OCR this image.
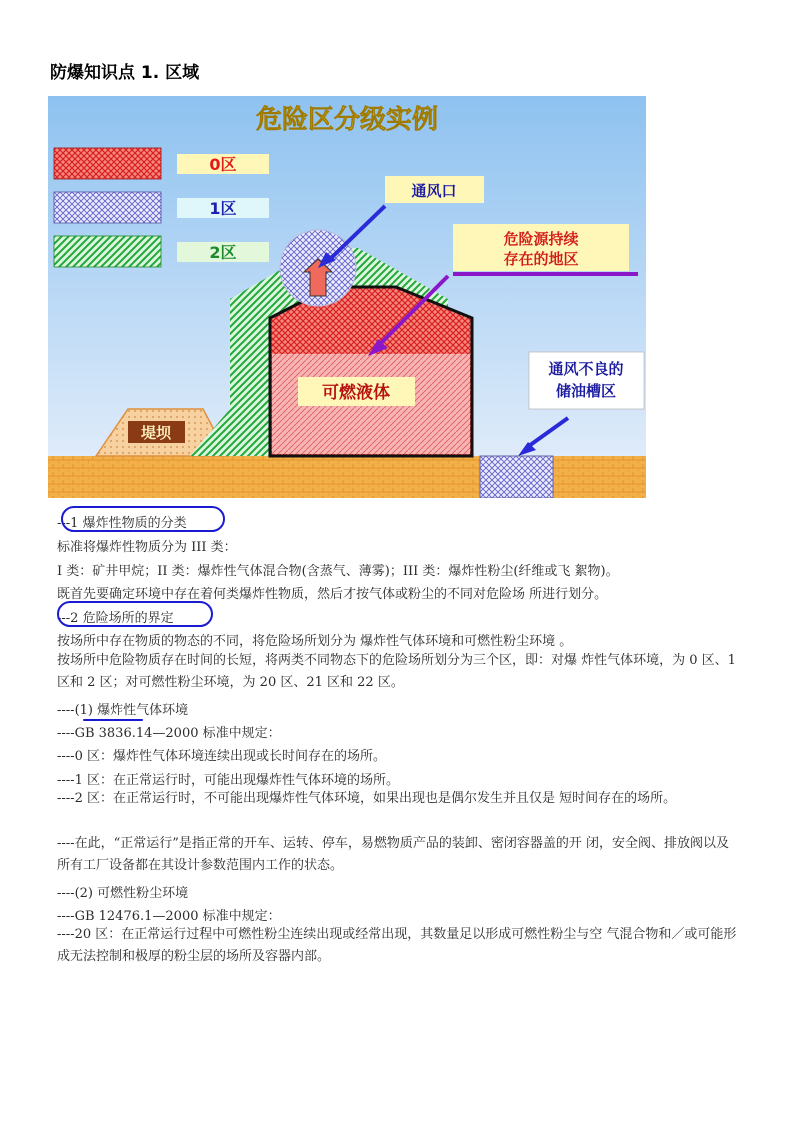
防爆知识点 1. 区域
危险区分级实例
0区
1区
2区
堤坝
可燃液体
通风口
危险源持续
存在的地区
通风不良的
储油槽区
---1 爆炸性物质的分类
标准将爆炸性物质分为 III 类：
I 类：矿井甲烷；II 类：爆炸性气体混合物(含蒸气、薄雾)；III 类：爆炸性粉尘(纤维或飞 絮物)。
既首先要确定环境中存在着何类爆炸性物质，然后才按气体或粉尘的不同对危险场 所进行划分。
---2 危险场所的界定
按场所中存在物质的物态的不同，将危险场所划分为 爆炸性气体环境和可燃性粉尘环境 。
按场所中危险物质存在时间的长短，将两类不同物态下的危险场所划分为三个区，即：对爆 炸性气体环境，为 0 区、1 区和 2 区；对可燃性粉尘环境，为 20 区、21 区和 22 区。
----(1) 爆炸性气体环境
----GB 3836.14—2000 标准中规定：
----0 区：爆炸性气体环境连续出现或长时间存在的场所。
----1 区：在正常运行时，可能出现爆炸性气体环境的场所。
----2 区：在正常运行时，不可能出现爆炸性气体环境，如果出现也是偶尔发生并且仅是 短时间存在的场所。
----在此，“正常运行”是指正常的开车、运转、停车，易燃物质产品的装卸、密闭容器盖的开 闭，安全阀、排放阀以及所有工厂设备都在其设计参数范围内工作的状态。
----(2) 可燃性粉尘环境
----GB 12476.1—2000 标准中规定：
----20 区：在正常运行过程中可燃性粉尘连续出现或经常出现，其数量足以形成可燃性粉尘与空 气混合物和／或可能形成无法控制和极厚的粉尘层的场所及容器内部。
